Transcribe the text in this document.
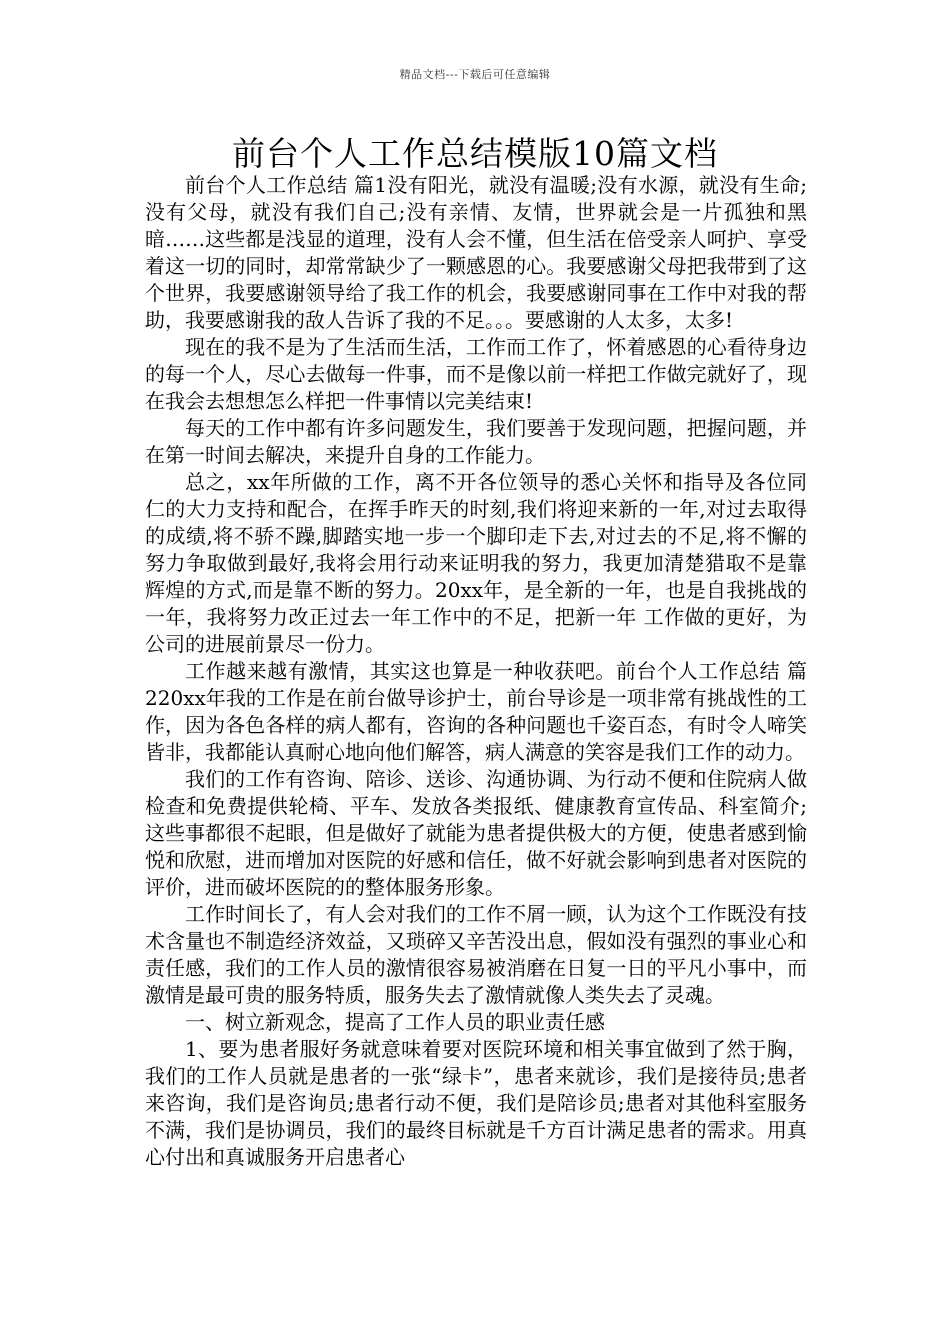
精品文档---下载后可任意编辑
前台个人工作总结模版10篇文档

前台个人工作总结 篇1没有阳光，就没有温暖;没有水源，就没有生命;没有父母，就没有我们自己;没有亲情、友情，世界就会是一片孤独和黑暗……这些都是浅显的道理，没有人会不懂，但生活在倍受亲人呵护、享受着这一切的同时，却常常缺少了一颗感恩的心。我要感谢父母把我带到了这个世界，我要感谢领导给了我工作的机会，我要感谢同事在工作中对我的帮助，我要感谢我的敌人告诉了我的不足。。。要感谢的人太多，太多!

现在的我不是为了生活而生活，工作而工作了，怀着感恩的心看待身边的每一个人，尽心去做每一件事，而不是像以前一样把工作做完就好了，现在我会去想想怎么样把一件事情以完美结束!

每天的工作中都有许多问题发生，我们要善于发现问题，把握问题，并在第一时间去解决，来提升自身的工作能力。

总之，xx年所做的工作，离不开各位领导的悉心关怀和指导及各位同仁的大力支持和配合，在挥手昨天的时刻,我们将迎来新的一年,对过去取得的成绩,将不骄不躁,脚踏实地一步一个脚印走下去,对过去的不足,将不懈的努力争取做到最好,我将会用行动来证明我的努力，我更加清楚猎取不是靠辉煌的方式,而是靠不断的努力。20xx年，是全新的一年，也是自我挑战的一年，我将努力改正过去一年工作中的不足，把新一年 工作做的更好，为公司的进展前景尽一份力。

工作越来越有激情，其实这也算是一种收获吧。前台个人工作总结 篇220xx年我的工作是在前台做导诊护士，前台导诊是一项非常有挑战性的工作，因为各色各样的病人都有，咨询的各种问题也千姿百态，有时令人啼笑皆非，我都能认真耐心地向他们解答，病人满意的笑容是我们工作的动力。

我们的工作有咨询、陪诊、送诊、沟通协调、为行动不便和住院病人做检查和免费提供轮椅、平车、发放各类报纸、健康教育宣传品、科室简介;这些事都很不起眼，但是做好了就能为患者提供极大的方便，使患者感到愉悦和欣慰，进而增加对医院的好感和信任，做不好就会影响到患者对医院的评价，进而破坏医院的的整体服务形象。

工作时间长了，有人会对我们的工作不屑一顾，认为这个工作既没有技术含量也不制造经济效益，又琐碎又辛苦没出息，假如没有强烈的事业心和责任感，我们的工作人员的激情很容易被消磨在日复一日的平凡小事中，而激情是最可贵的服务特质，服务失去了激情就像人类失去了灵魂。

一、树立新观念，提高了工作人员的职业责任感

1、要为患者服好务就意味着要对医院环境和相关事宜做到了然于胸，我们的工作人员就是患者的一张“绿卡”，患者来就诊，我们是接待员;患者来咨询，我们是咨询员;患者行动不便，我们是陪诊员;患者对其他科室服务不满，我们是协调员，我们的最终目标就是千方百计满足患者的需求。用真心付出和真诚服务开启患者心
